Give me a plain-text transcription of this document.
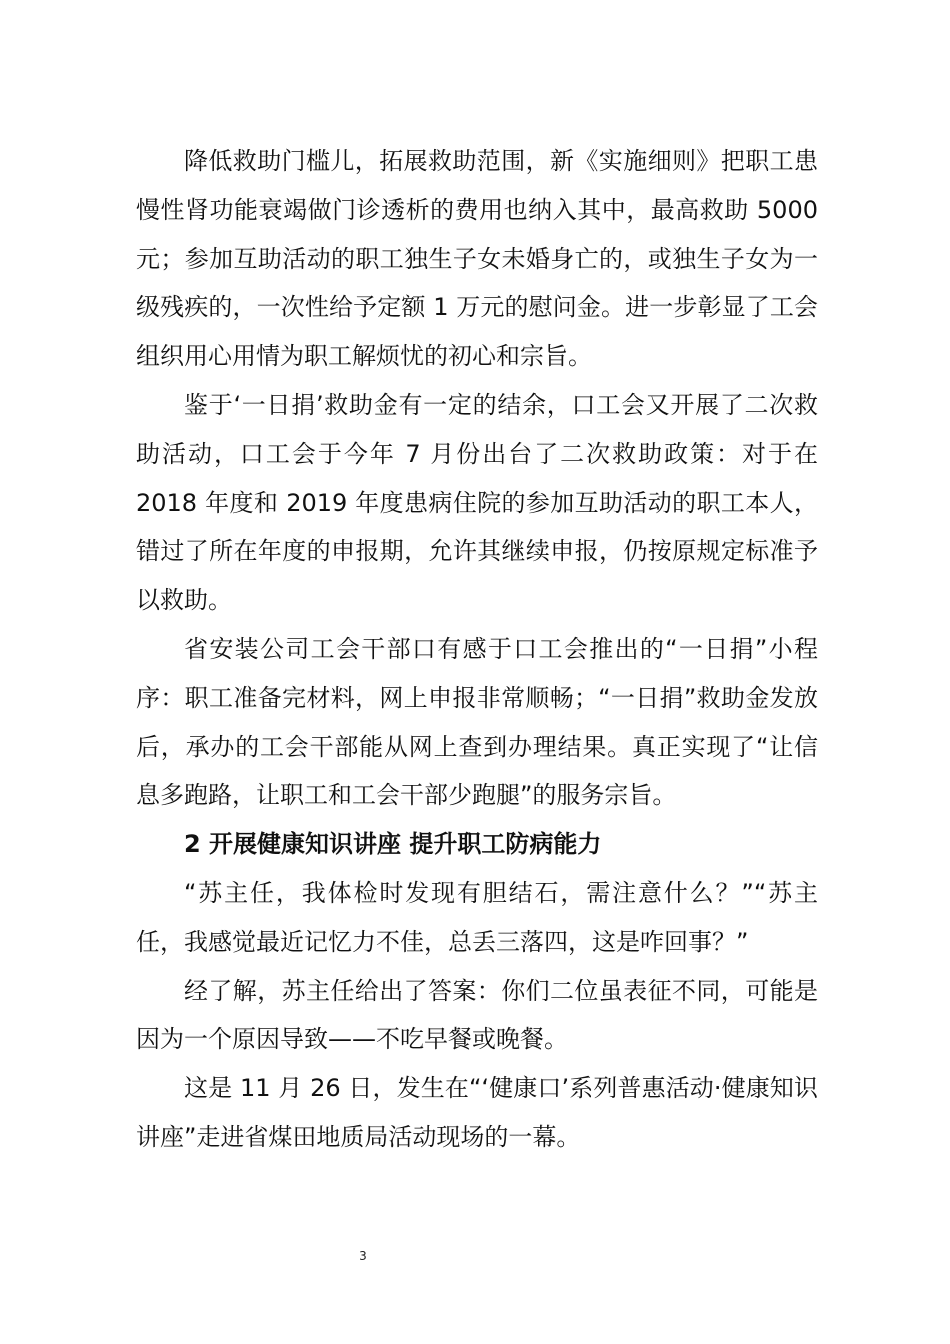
降低救助门槛儿，拓展救助范围，新《实施细则》把职工患慢性肾功能衰竭做门诊透析的费用也纳入其中，最高救助 5000 元；参加互助活动的职工独生子女未婚身亡的，或独生子女为一级残疾的，一次性给予定额 1 万元的慰问金。进一步彰显了工会组织用心用情为职工解烦忧的初心和宗旨。

鉴于‘一日捐’救助金有一定的结余，口工会又开展了二次救助活动，口工会于今年 7 月份出台了二次救助政策：对于在 2018 年度和 2019 年度患病住院的参加互助活动的职工本人，错过了所在年度的申报期，允许其继续申报，仍按原规定标准予以救助。

省安装公司工会干部口有感于口工会推出的“一日捐”小程序：职工准备完材料，网上申报非常顺畅；“一日捐”救助金发放后，承办的工会干部能从网上查到办理结果。真正实现了“让信息多跑路，让职工和工会干部少跑腿”的服务宗旨。

2 开展健康知识讲座 提升职工防病能力

“苏主任，我体检时发现有胆结石，需注意什么？”“苏主任，我感觉最近记忆力不佳，总丢三落四，这是咋回事？”

经了解，苏主任给出了答案：你们二位虽表征不同，可能是因为一个原因导致——不吃早餐或晚餐。

这是 11 月 26 日，发生在“‘健康口’系列普惠活动·健康知识讲座”走进省煤田地质局活动现场的一幕。

3
